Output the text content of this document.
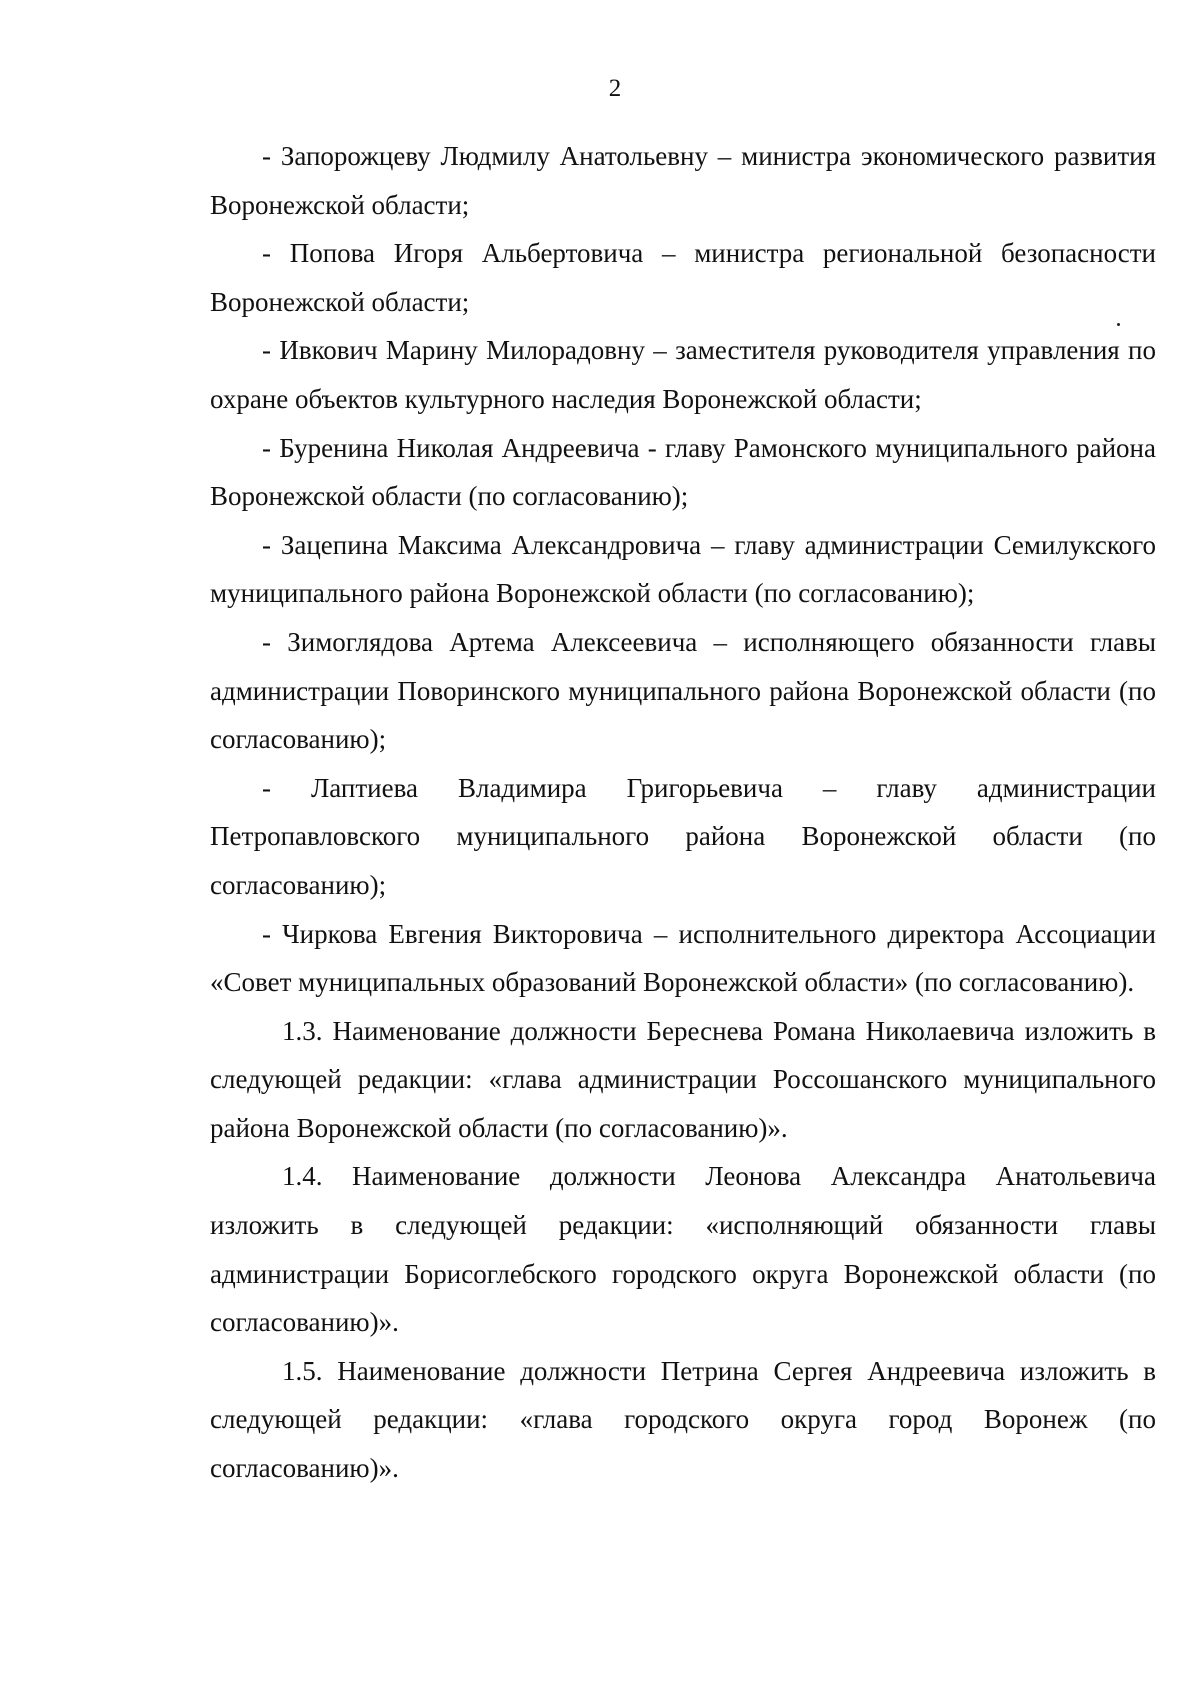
2

- Запорожцеву Людмилу Анатольевну – министра экономического развития Воронежской области;

- Попова Игоря Альбертовича – министра региональной безопасности Воронежской области;

- Ивкович Марину Милорадовну – заместителя руководителя управления по охране объектов культурного наследия Воронежской области;

- Буренина Николая Андреевича - главу Рамонского муниципального района Воронежской области (по согласованию);

- Зацепина Максима Александровича – главу администрации Семилукского муниципального района Воронежской области (по согласованию);

- Зимоглядова Артема Алексеевича – исполняющего обязанности главы администрации Поворинского муниципального района Воронежской области (по согласованию);

- Лаптиева Владимира Григорьевича – главу администрации Петропавловского муниципального района Воронежской области (по согласованию);

- Чиркова Евгения Викторовича – исполнительного директора Ассоциации «Совет муниципальных образований Воронежской области» (по согласованию).

1.3. Наименование должности Береснева Романа Николаевича изложить в следующей редакции: «глава администрации Россошанского муниципального района Воронежской области (по согласованию)».

1.4. Наименование должности Леонова Александра Анатольевича изложить в следующей редакции: «исполняющий обязанности главы администрации Борисоглебского городского округа Воронежской области (по согласованию)».

1.5. Наименование должности Петрина Сергея Андреевича изложить в следующей редакции: «глава городского округа город Воронеж (по согласованию)».
